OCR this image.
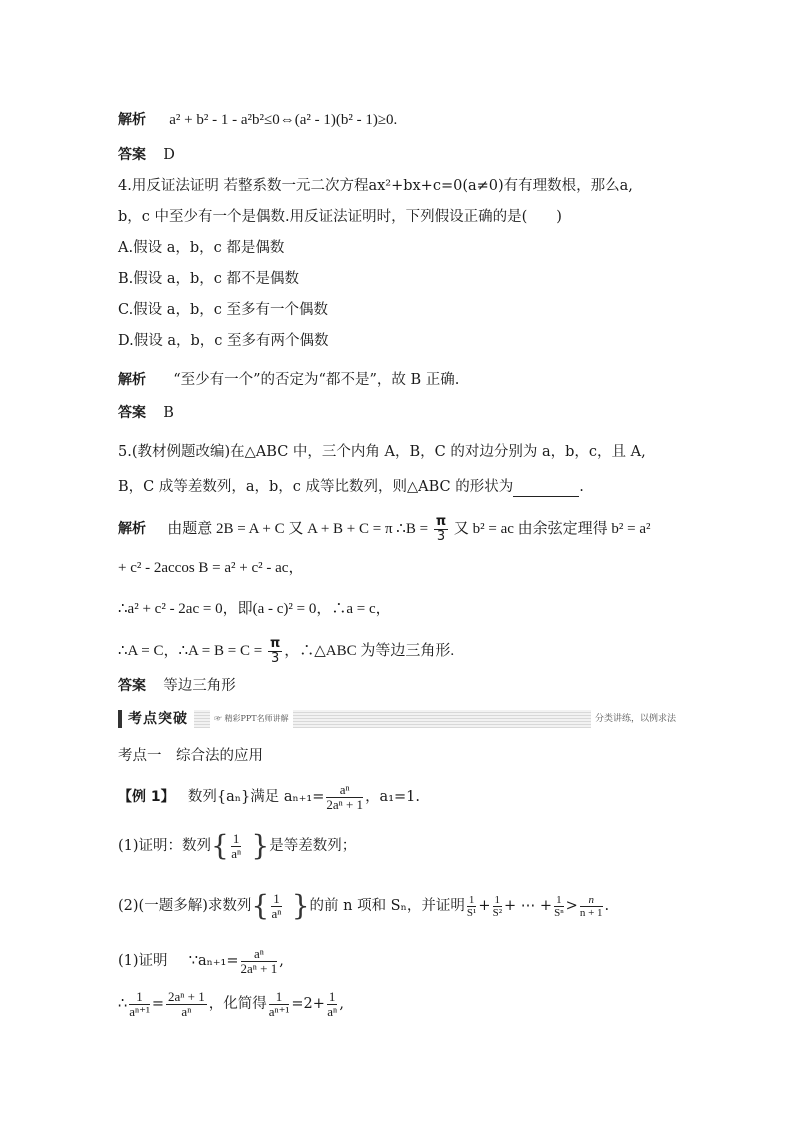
解析 a² + b² - 1 - a²b²≤0⇔(a² - 1)(b² - 1)≥0.
答案 D
4.用反证法证明 若整系数一元二次方程ax²+bx+c=0(a≠0)有有理数根，那么a,
b，c 中至少有一个是偶数.用反证法证明时，下列假设正确的是(　　)
A.假设 a，b，c 都是偶数
B.假设 a，b，c 都不是偶数
C.假设 a，b，c 至多有一个偶数
D.假设 a，b，c 至多有两个偶数
解析 “至少有一个”的否定为“都不是”，故 B 正确.
答案 B
5.(教材例题改编)在△ABC 中，三个内角 A，B，C 的对边分别为 a，b，c，且 A,
B，C 成等差数列，a，b，c 成等比数列，则△ABC 的形状为	.
解析 由题意 2B = A + C 又 A + B + C = π ∴B = $\frac{\pi}{3}$ 又 b² = ac 由余弦定理得 b² = a²
+ c² - 2accos B = a² + c² - ac，
∴a² + c² - 2ac = 0，即(a - c)² = 0，∴a = c，
∴A = C，∴A = $B = C = \frac{\pi}{3}$ ，∴△ABC 为等边三角形.
答案 等边三角形
考点突破	☞ 精彩PPT名师讲解	分类讲练，以例求法
考点一　综合法的应用
【例 1】 数列{aₙ}满足 $a_{n+1}= \frac{\text{aⁿ}}{\text{2aⁿ + 1}}$ ，a₁=1.
(1)证明：数列{ $\frac{1}{\text{aⁿ}}$ }是等差数列；
(2)(一题多解)求数列{ $\frac{1}{\text{aⁿ}}$ }的前 n 项和 Sₙ，并证明 $\frac{1}{\text{S¹}} + \frac{1}{\text{S²}}$ + ⋯ + $\frac{1}{\text{Sⁿ}} > \frac{n}{n + 1}$ .
(1)证明 ∵aₙ₊₁= $\frac{\text{aⁿ}}{\text{2aⁿ + 1}}$ ,
∴ $\frac{1}{\text{aⁿ⁺¹}} = \frac{\text{2aⁿ + 1}}{\text{aⁿ}}$ ，化简得 $\frac{1}{\text{aⁿ⁺¹}} =2+ \frac{1}{\text{aⁿ}}$ ,
